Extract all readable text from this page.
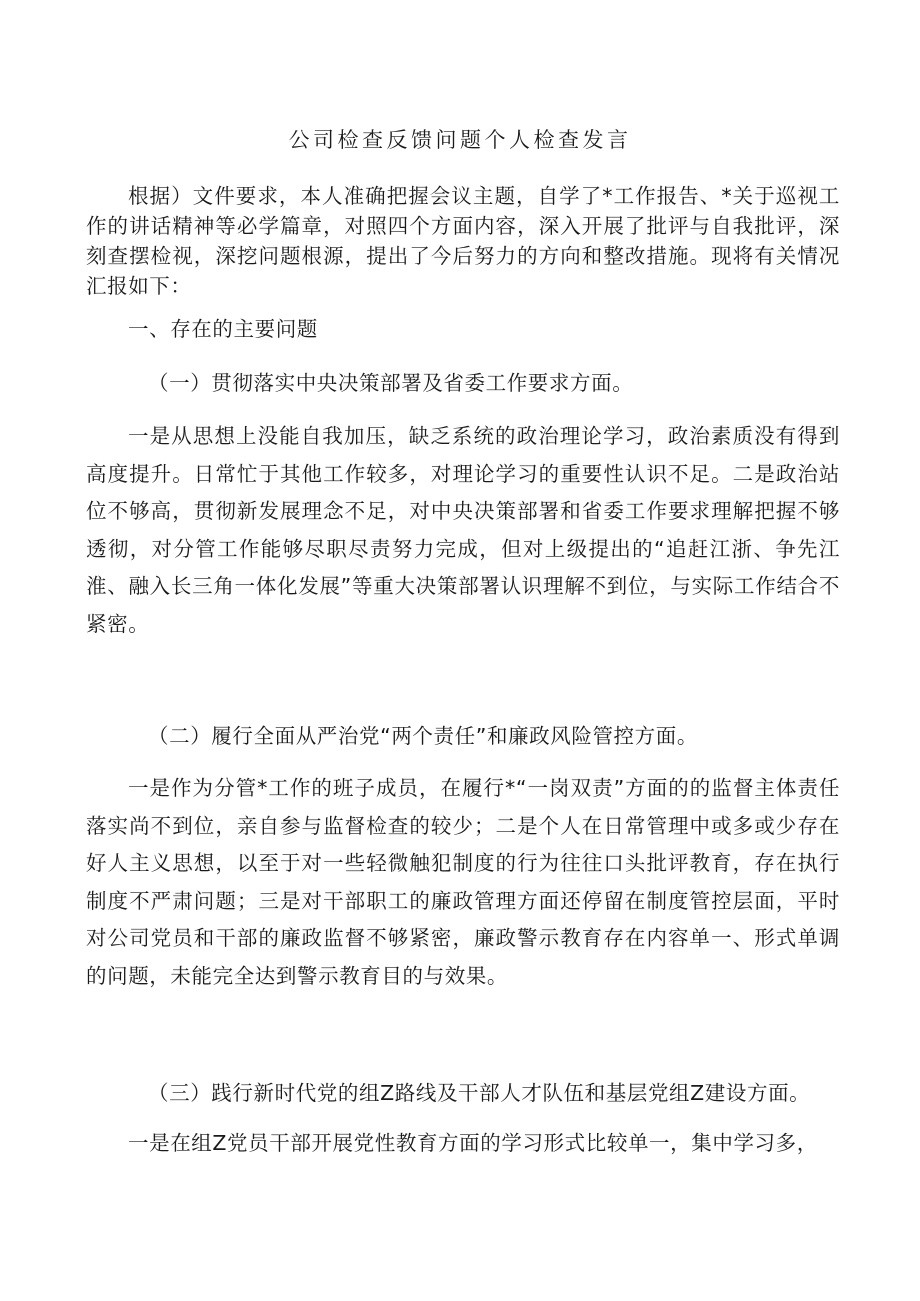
公司检查反馈问题个人检查发言

根据）文件要求，本人准确把握会议主题，自学了*工作报告、*关于巡视工作的讲话精神等必学篇章，对照四个方面内容，深入开展了批评与自我批评，深刻查摆检视，深挖问题根源，提出了今后努力的方向和整改措施。现将有关情况汇报如下：

一、存在的主要问题

（一）贯彻落实中央决策部署及省委工作要求方面。

一是从思想上没能自我加压，缺乏系统的政治理论学习，政治素质没有得到高度提升。日常忙于其他工作较多，对理论学习的重要性认识不足。二是政治站位不够高，贯彻新发展理念不足，对中央决策部署和省委工作要求理解把握不够透彻，对分管工作能够尽职尽责努力完成，但对上级提出的“追赶江浙、争先江淮、融入长三角一体化发展”等重大决策部署认识理解不到位，与实际工作结合不紧密。

（二）履行全面从严治党“两个责任”和廉政风险管控方面。

一是作为分管*工作的班子成员，在履行*“一岗双责”方面的的监督主体责任落实尚不到位，亲自参与监督检查的较少；二是个人在日常管理中或多或少存在好人主义思想，以至于对一些轻微触犯制度的行为往往口头批评教育，存在执行制度不严肃问题；三是对干部职工的廉政管理方面还停留在制度管控层面，平时对公司党员和干部的廉政监督不够紧密，廉政警示教育存在内容单一、形式单调的问题，未能完全达到警示教育目的与效果。

（三）践行新时代党的组Z路线及干部人才队伍和基层党组Z建设方面。

一是在组Z党员干部开展党性教育方面的学习形式比较单一，集中学习多，
